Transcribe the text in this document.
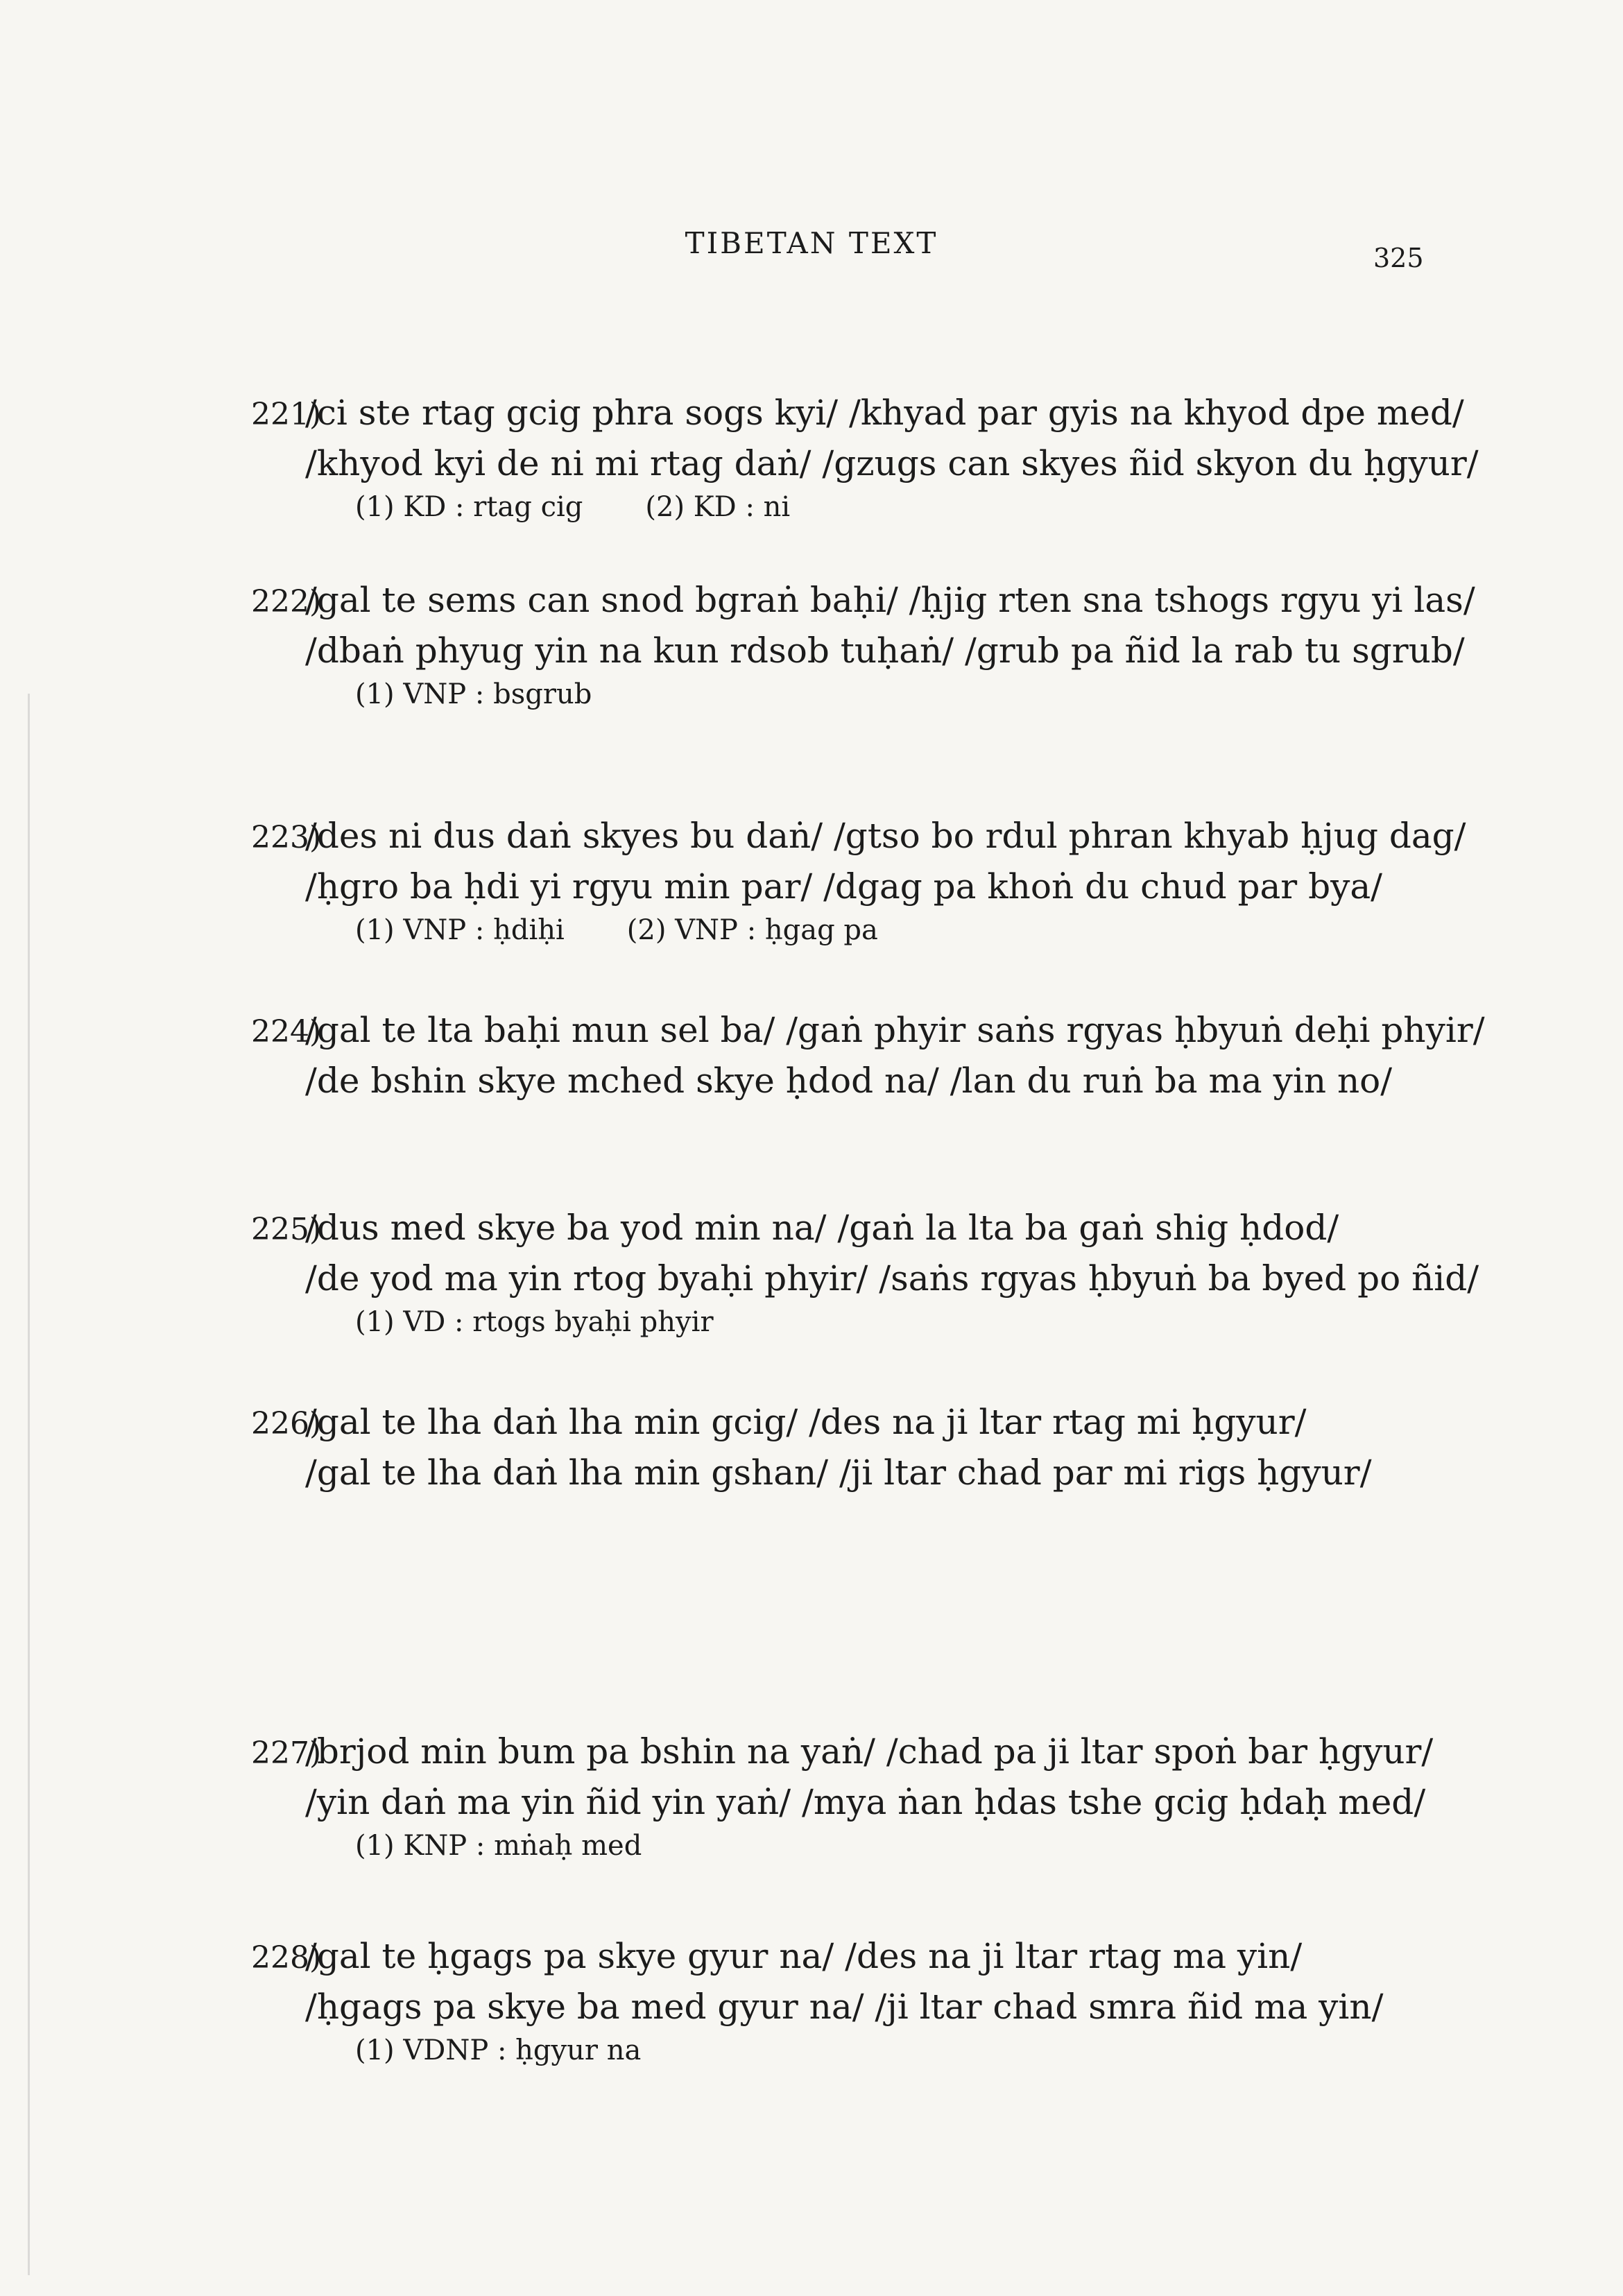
TIBETAN TEXT	325
221)/ci ste rtag gcig phra sogs kyi/ /khyad par gyis na khyod dpe med/
/khyod kyi de ni mi rtag daṅ/ /gzugs can skyes ñid skyon du ḥgyur/
(1) KD : rtag cig (2) KD : ni
222)/gal te sems can snod bgraṅ baḥi/ /ḥjig rten sna tshogs rgyu yi las/
/dbaṅ phyug yin na kun rdsob tuḥaṅ/ /grub pa ñid la rab tu sgrub/
(1) VNP : bsgrub
223)/des ni dus daṅ skyes bu daṅ/ /gtso bo rdul phran khyab ḥjug dag/
/ḥgro ba ḥdi yi rgyu min par/ /dgag pa khoṅ du chud par bya/
(1) VNP : ḥdiḥi (2) VNP : ḥgag pa
224)/gal te lta baḥi mun sel ba/ /gaṅ phyir saṅs rgyas ḥbyuṅ deḥi phyir/
/de bshin skye mched skye ḥdod na/ /lan du ruṅ ba ma yin no/
225)/dus med skye ba yod min na/ /gaṅ la lta ba gaṅ shig ḥdod/
/de yod ma yin rtog byaḥi phyir/ /saṅs rgyas ḥbyuṅ ba byed po ñid/
(1) VD : rtogs byaḥi phyir
226)/gal te lha daṅ lha min gcig/ /des na ji ltar rtag mi ḥgyur/
/gal te lha daṅ lha min gshan/ /ji ltar chad par mi rigs ḥgyur/
227)/brjod min bum pa bshin na yaṅ/ /chad pa ji ltar spoṅ bar ḥgyur/
/yin daṅ ma yin ñid yin yaṅ/ /mya ṅan ḥdas tshe gcig ḥdaḥ med/
(1) KNP : mṅaḥ med
228)/gal te ḥgags pa skye gyur na/ /des na ji ltar rtag ma yin/
/ḥgags pa skye ba med gyur na/ /ji ltar chad smra ñid ma yin/
(1) VDNP : ḥgyur na
